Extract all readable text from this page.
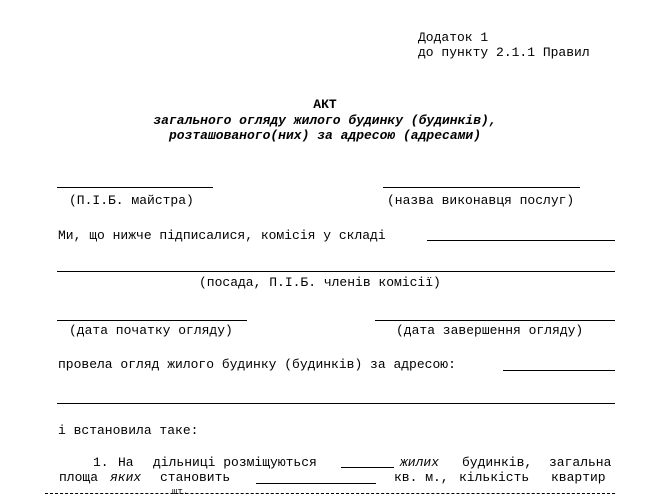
Додаток 1
до пункту 2.1.1 Правил
АКТ
загального огляду жилого будинку (будинків),
розташованого(них) за адресою (адресами)
(П.І.Б. майстра)	(назва виконавця послуг)
Ми, що нижче підписалися, комісія у складі
(посада, П.І.Б. членів комісії)
(дата початку огляду)	(дата завершення огляду)
провела огляд жилого будинку (будинків) за адресою:
і встановила таке:
1. На дільниці розміщуються	жилих будинків, загальна
площа яких становить	кв. м., кількість квартир
шт.
